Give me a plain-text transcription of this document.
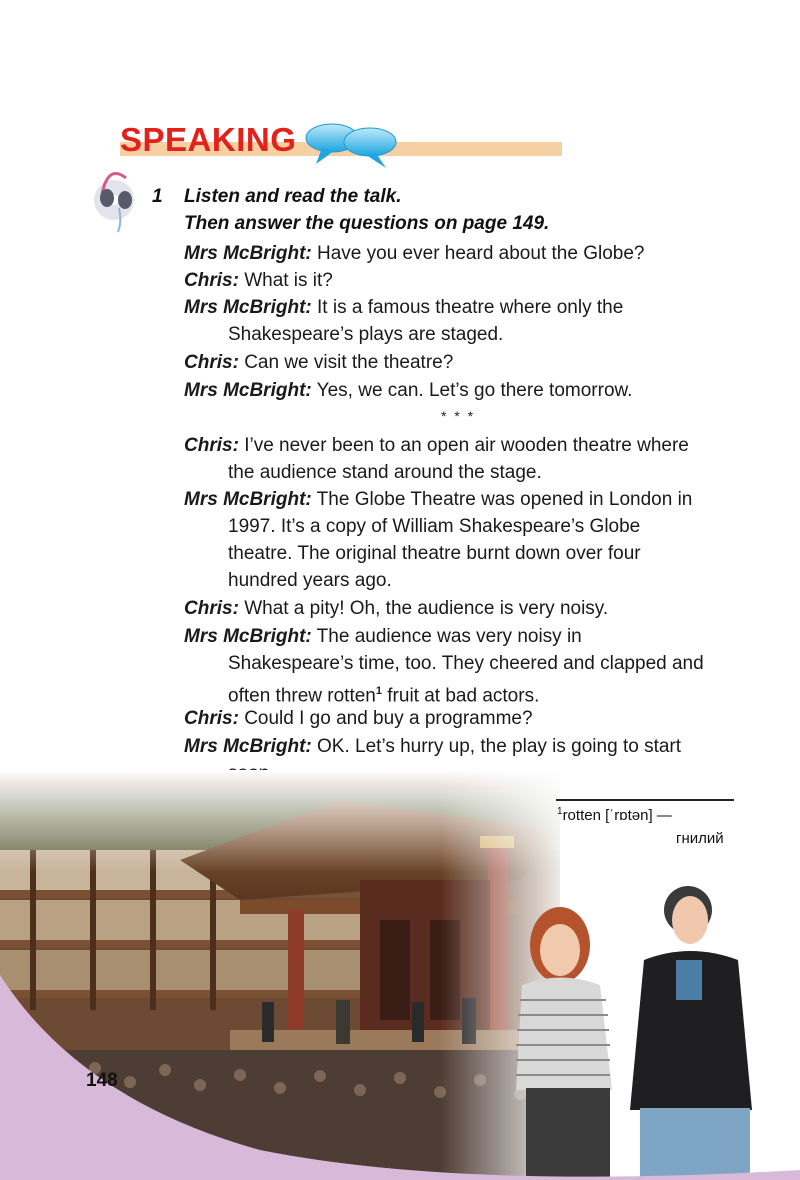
SPEAKING
1 Listen and read the talk.
Then answer the questions on page 149.
Mrs McBright: Have you ever heard about the Globe?
Chris: What is it?
Mrs McBright: It is a famous theatre where only the
Shakespeare’s plays are staged.
Chris: Can we visit the theatre?
Mrs McBright: Yes, we can. Let’s go there tomorrow.
* * *
Chris: I’ve never been to an open air wooden theatre where
the audience stand around the stage.
Mrs McBright: The Globe Theatre was opened in London in
1997. It’s a copy of William Shakespeare’s Globe
theatre. The original theatre burnt down over four
hundred years ago.
Chris: What a pity! Oh, the audience is very noisy.
Mrs McBright: The audience was very noisy in
Shakespeare’s time, too. They cheered and clapped and
often threw rotten$^1$ fruit at bad actors.
Chris: Could I go and buy a programme?
Mrs McBright: OK. Let’s hurry up, the play is going to start
$^1$rotten [ˈrɒtən] —
гнилий
148
